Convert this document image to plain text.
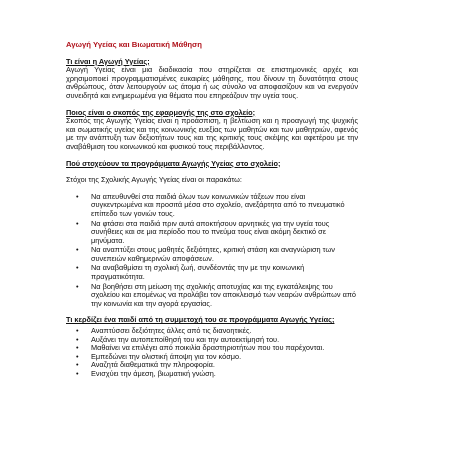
Αγωγή Υγείας και Βιωματική Μάθηση

Τι είναι η Αγωγή Υγείας;

Αγωγή Υγείας είναι μια διαδικασία που στηρίζεται σε επιστημονικές αρχές και χρησιμοποιεί προγραμματισμένες ευκαιρίες μάθησης, που δίνουν τη δυνατότητα στους ανθρώπους, όταν λειτουργούν ως άτομα ή ως σύνολο να αποφασίζουν και να ενεργούν συνειδητά και ενημερωμένα για θέματα που επηρεάζουν την υγεία τους.

Ποιος είναι ο σκοπός της εφαρμογής της στο σχολείο;

Σκοπός της Αγωγής Υγείας είναι η προάσπιση, η βελτίωση και η προαγωγή της ψυχικής και σωματικής υγείας και της κοινωνικής ευεξίας των μαθητών και των μαθητριών, αφενός με την ανάπτυξη των δεξιοτήτων τους και της κριτικής τους σκέψης και αφετέρου με την αναβάθμιση του κοινωνικού και φυσικού τους περιβάλλοντος.

Πού στοχεύουν τα προγράμματα Αγωγής Υγείας στο σχολείο;

Στόχοι της Σχολικής Αγωγής Υγείας είναι οι παρακάτω:

• Να απευθυνθεί στα παιδιά όλων των κοινωνικών τάξεων που είναι συγκεντρωμένα και προσιτά μέσα στο σχολείο, ανεξάρτητα από το πνευματικό επίπεδο των γονιών τους.
• Να φτάσει στα παιδιά πριν αυτά αποκτήσουν αρνητικές για την υγεία τους συνήθειες και σε μια περίοδο που το πνεύμα τους είναι ακόμη δεκτικό σε μηνύματα.
• Να αναπτύξει στους μαθητές δεξιότητες, κριτική στάση και αναγνώριση των συνεπειών καθημερινών αποφάσεων.
• Να αναβαθμίσει τη σχολική ζωή, συνδέοντάς την με την κοινωνική πραγματικότητα.
• Να βοηθήσει στη μείωση της σχολικής αποτυχίας και της εγκατάλειψης του σχολείου και επομένως να προλάβει τον αποκλεισμό των νεαρών ανθρώπων από την κοινωνία και την αγορά εργασίας.

Τι κερδίζει ένα παιδί από τη συμμετοχή του σε προγράμματα Αγωγής Υγείας;

• Αναπτύσσει δεξιότητες άλλες από τις διανοητικές.
• Αυξάνει την αυτοπεποίθησή του και την αυτοεκτίμησή του.
• Μαθαίνει να επιλέγει από ποικιλία δραστηριοτήτων που του παρέχονται.
• Εμπεδώνει την ολιστική άποψη για τον κόσμο.
• Αναζητά διαθεματικά την πληροφορία.
• Ενισχύει την άμεση, βιωματική γνώση.
